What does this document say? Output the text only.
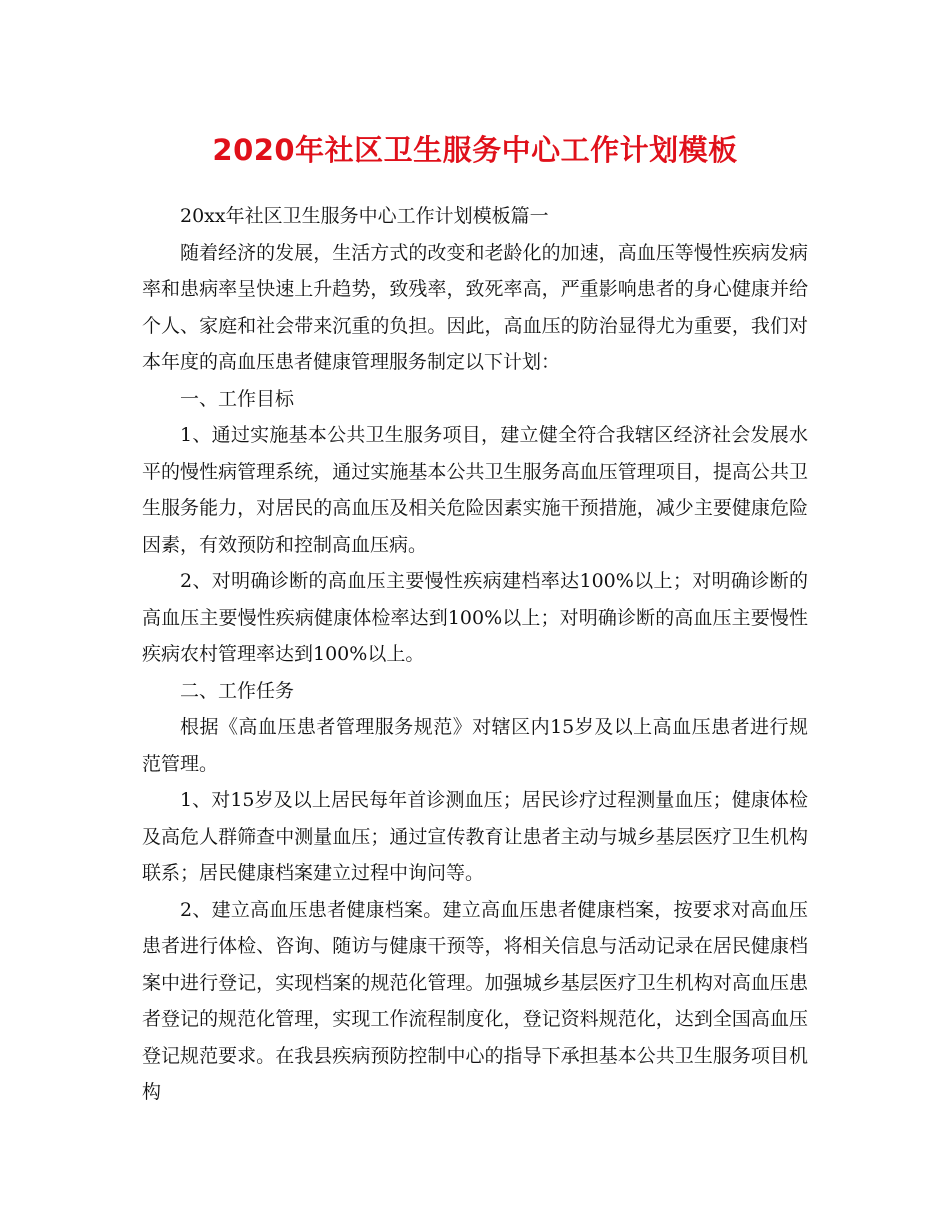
2020年社区卫生服务中心工作计划模板

20xx年社区卫生服务中心工作计划模板篇一

随着经济的发展，生活方式的改变和老龄化的加速，高血压等慢性疾病发病率和患病率呈快速上升趋势，致残率，致死率高，严重影响患者的身心健康并给个人、家庭和社会带来沉重的负担。因此，高血压的防治显得尤为重要，我们对本年度的高血压患者健康管理服务制定以下计划：

一、工作目标

1、通过实施基本公共卫生服务项目，建立健全符合我辖区经济社会发展水平的慢性病管理系统，通过实施基本公共卫生服务高血压管理项目，提高公共卫生服务能力，对居民的高血压及相关危险因素实施干预措施，减少主要健康危险因素，有效预防和控制高血压病。

2、对明确诊断的高血压主要慢性疾病建档率达100%以上；对明确诊断的高血压主要慢性疾病健康体检率达到100%以上；对明确诊断的高血压主要慢性疾病农村管理率达到100%以上。

二、工作任务

根据《高血压患者管理服务规范》对辖区内15岁及以上高血压患者进行规范管理。

1、对15岁及以上居民每年首诊测血压；居民诊疗过程测量血压；健康体检及高危人群筛查中测量血压；通过宣传教育让患者主动与城乡基层医疗卫生机构联系；居民健康档案建立过程中询问等。

2、建立高血压患者健康档案。建立高血压患者健康档案，按要求对高血压患者进行体检、咨询、随访与健康干预等，将相关信息与活动记录在居民健康档案中进行登记，实现档案的规范化管理。加强城乡基层医疗卫生机构对高血压患者登记的规范化管理，实现工作流程制度化，登记资料规范化，达到全国高血压登记规范要求。在我县疾病预防控制中心的指导下承担基本公共卫生服务项目机构
